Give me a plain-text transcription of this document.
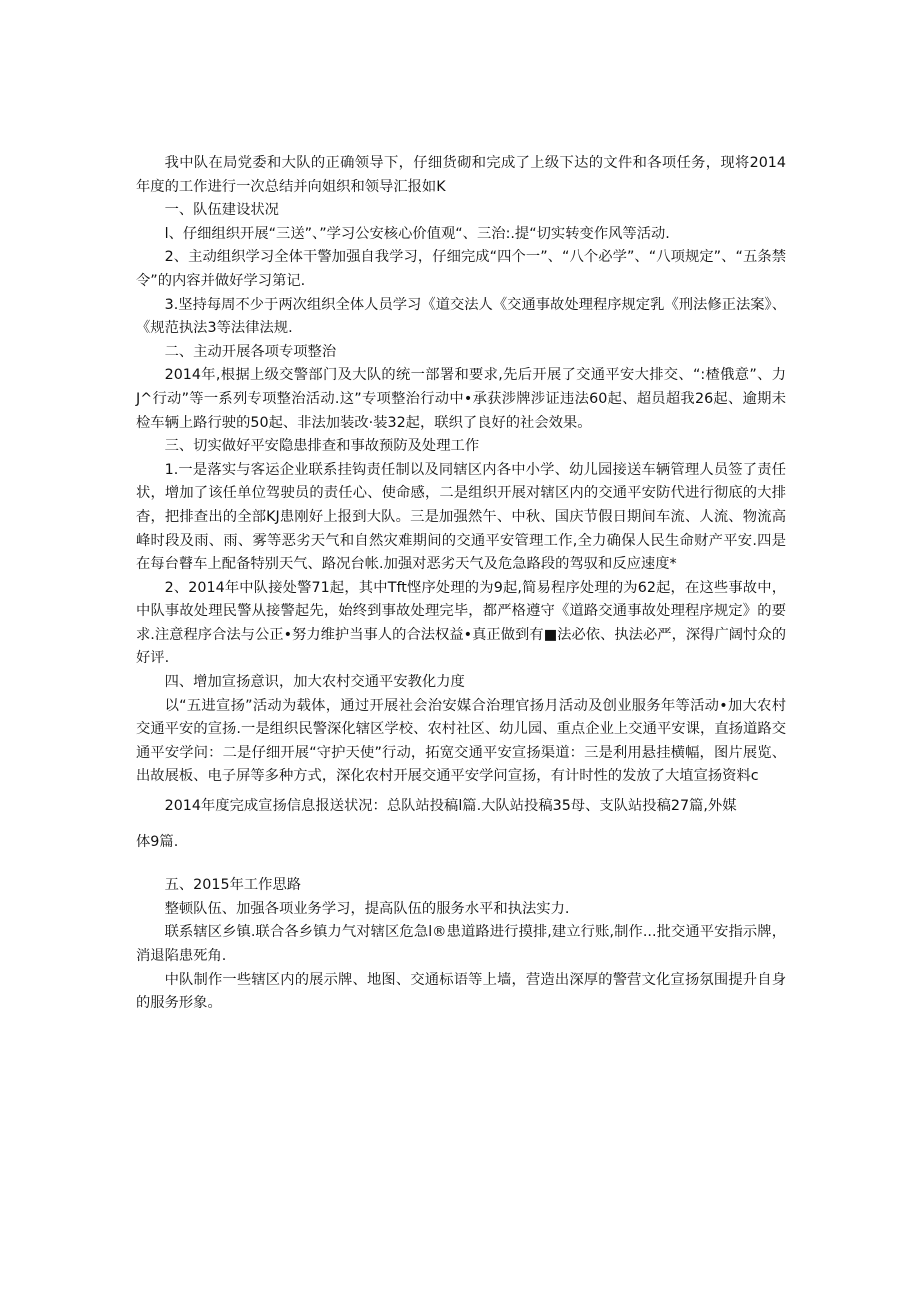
我中队在局党委和大队的正确领导下，仔细货砌和完成了上级下达的文件和各项任务，现将2014年度的工作进行一次总结并向姐织和领导汇报如K

一、队伍建设状况

l、仔细组织开展“三送”、”学习公安核心价值观“、三治:.提“切实转变作风等活动.

2、主动组织学习全体干警加强自我学习，仔细完成“四个一”、“八个必学”、“八项规定”、“五条禁令”的内容并做好学习第记.

3.坚持每周不少于两次组织全体人员学习《道交法人《交通事故处理程序规定乳《刑法修正法案》、《规范执法3等法律法规.

二、主动开展各项专项整治

2014年,根据上级交警部门及大队的统一部署和要求,先后开展了交通平安大排交、“:楂俄意”、力J^行动”等一系列专项整治活动.这”专项整治行动中•承获涉牌涉证违法60起、超员超我26起、逾期未检车辆上路行驶的50起、非法加装改·装32起，联织了良好的社会效果。

三、切实做好平安隐患排查和事故预防及处理工作

1.一是落实与客运企业联系挂钩责任制以及同辖区内各中小学、幼儿园接送车辆管理人员签了责任状，增加了该任单位驾驶员的责任心、使命感，二是组织开展对辖区内的交通平安防代进行彻底的大排杳，把排查出的全部KJ患刚好上报到大队。三是加强然午、中秋、国庆节假日期间车流、人流、物流高峰时段及雨、雨、雾等恶劣天气和自然灾难期间的交通平安管理工作,全力确保人民生命财产平安.四是在每台瞽车上配备特别天气、路况台帐.加强对恶劣天气及危急路段的驾驭和反应速度*

2、2014年中队接处警71起，其中Tft悭序处理的为9起,简易程序处理的为62起，在这些事故中，中队事故处理民警从接警起先，始终到事故处理完毕，都严格遵守《道路交通事故处理程序规定》的要求.注意程序合法与公正•努力维护当事人的合法权益•真正做到有■法必依、执法必严，深得广阔忖众的好评.

四、增加宣扬意识，加大农村交通平安教化力度

以“五进宣扬”活动为载体，通过开展社会治安媒合治理官扬月活动及创业服务年等活动•加大农村交通平安的宣扬.一是组织民警深化辖区学校、农村社区、幼儿园、重点企业上交通平安课，直扬道路交通平安学问：二是仔细开展“守护天使”行动，拓宽交通平安宣扬渠道：三是利用悬挂横幅，图片展览、出故展板、电子屏等多种方式，深化农村开展交通平安学问宣扬，有计时性的发放了大埴宣扬资料c

2014年度完成宣扬信息报送状况：总队站投稿l篇.大队站投稿35母、支队站投稿27篇,外媒

体9篇.

五、2015年工作思路

整顿队伍、加强各项业务学习，提高队伍的服务水平和执法实力.

联系辖区乡镇.联合各乡镇力气对辖区危急l®患道路进行摸排,建立行账,制作...批交通平安指示牌，消退陷患死角.

中队制作一些辖区内的展示牌、地图、交通标语等上墙，营造出深厚的警营文化宣扬氛围提升自身的服务形象。
